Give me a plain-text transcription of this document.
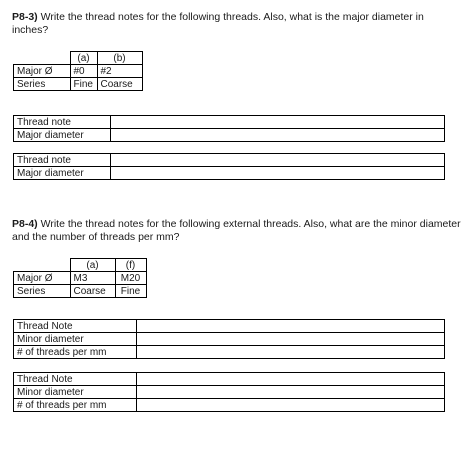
P8-3) Write the thread notes for the following threads. Also, what is the major diameter in inches?
	(a)	(b)
Major Ø	#0	#2
Series	Fine	Coarse
Thread note	
Major diameter	
Thread note	
Major diameter	
P8-4) Write the thread notes for the following external threads. Also, what are the minor diameter and the number of threads per mm?
	(a)	(f)
Major Ø	M3	M20
Series	Coarse	Fine
Thread Note	
Minor diameter	
# of threads per mm	
Thread Note	
Minor diameter	
# of threads per mm	
